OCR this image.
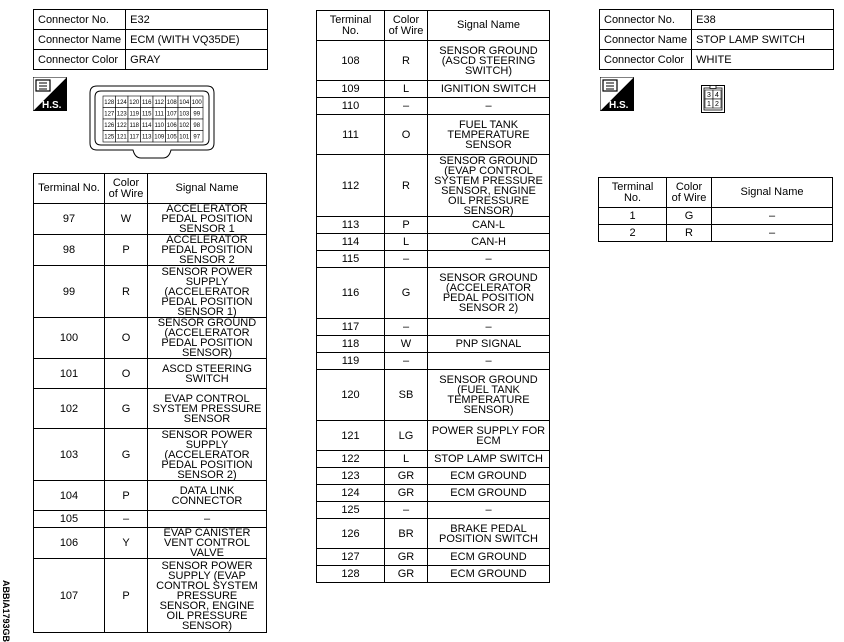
Connector No.	E32
Connector Name	ECM (WITH VQ35DE)
Connector Color	GRAY
H.S.	128 124 120 116 112 108 104 100
127 123 119 115 111 107 103 99
126 122 118 114 110 106 102 98
125 121 117 113 109 105 101 97
Terminal No.	Color of Wire	Signal Name
97	W	ACCELERATOR PEDAL POSITION SENSOR 1
98	P	ACCELERATOR PEDAL POSITION SENSOR 2
99	R	SENSOR POWER SUPPLY (ACCELERATOR PEDAL POSITION SENSOR 1)
100	O	SENSOR GROUND (ACCELERATOR PEDAL POSITION SENSOR)
101	O	ASCD STEERING SWITCH
102	G	EVAP CONTROL SYSTEM PRESSURE SENSOR
103	G	SENSOR POWER SUPPLY (ACCELERATOR PEDAL POSITION SENSOR 2)
104	P	DATA LINK CONNECTOR
105	–	–
106	Y	EVAP CANISTER VENT CONTROL VALVE
107	P	SENSOR POWER SUPPLY (EVAP CONTROL SYSTEM PRESSURE SENSOR, ENGINE OIL PRESSURE SENSOR)
Terminal No.	Color of Wire	Signal Name
108	R	SENSOR GROUND (ASCD STEERING SWITCH)
109	L	IGNITION SWITCH
110	–	–
111	O	FUEL TANK TEMPERATURE SENSOR
112	R	SENSOR GROUND (EVAP CONTROL SYSTEM PRESSURE SENSOR, ENGINE OIL PRESSURE SENSOR)
113	P	CAN-L
114	L	CAN-H
115	–	–
116	G	SENSOR GROUND (ACCELERATOR PEDAL POSITION SENSOR 2)
117	–	–
118	W	PNP SIGNAL
119	–	–
120	SB	SENSOR GROUND (FUEL TANK TEMPERATURE SENSOR)
121	LG	POWER SUPPLY FOR ECM
122	L	STOP LAMP SWITCH
123	GR	ECM GROUND
124	GR	ECM GROUND
125	–	–
126	BR	BRAKE PEDAL POSITION SWITCH
127	GR	ECM GROUND
128	GR	ECM GROUND
Connector No.	E38
Connector Name	STOP LAMP SWITCH
Connector Color	WHITE
H.S.
3 4
1 2
Terminal No.	Color of Wire	Signal Name
1	G	–
2	R	–
ABBIA1793GB
